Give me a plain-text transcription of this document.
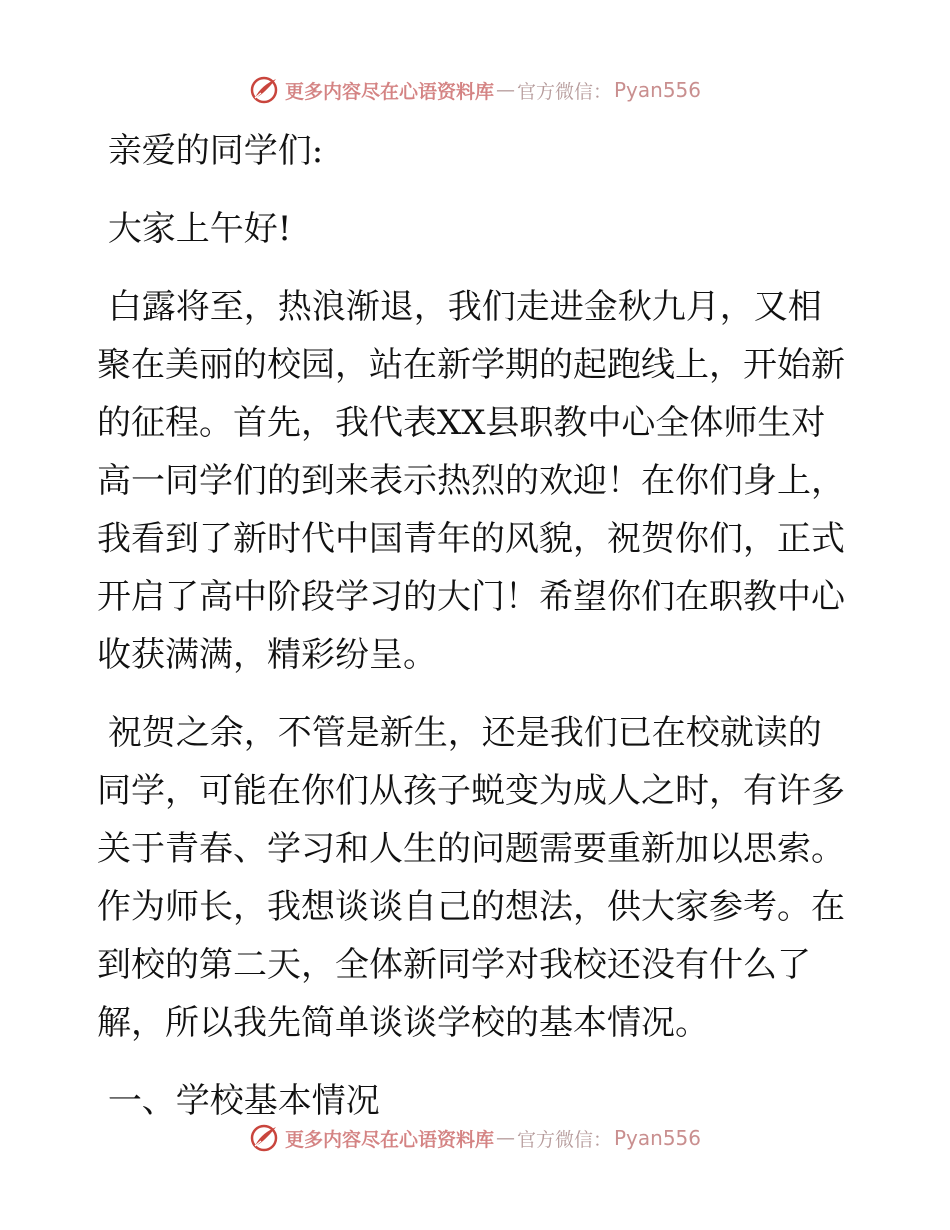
更多内容尽在心语资料库 — 官方微信： Pyan556

亲爱的同学们:

大家上午好!

白露将至，热浪渐退，我们走进金秋九月，又相

聚在美丽的校园，站在新学期的起跑线上，开始新

的征程。首先，我代表XX县职教中心全体师生对

高一同学们的到来表示热烈的欢迎！在你们身上，

我看到了新时代中国青年的风貌，祝贺你们，正式

开启了高中阶段学习的大门！希望你们在职教中心

收获满满，精彩纷呈。

祝贺之余，不管是新生，还是我们已在校就读的

同学，可能在你们从孩子蜕变为成人之时，有许多

关于青春、学习和人生的问题需要重新加以思索。

作为师长，我想谈谈自己的想法，供大家参考。在

到校的第二天，全体新同学对我校还没有什么了

解，所以我先简单谈谈学校的基本情况。

一、学校基本情况

更多内容尽在心语资料库 — 官方微信： Pyan556
